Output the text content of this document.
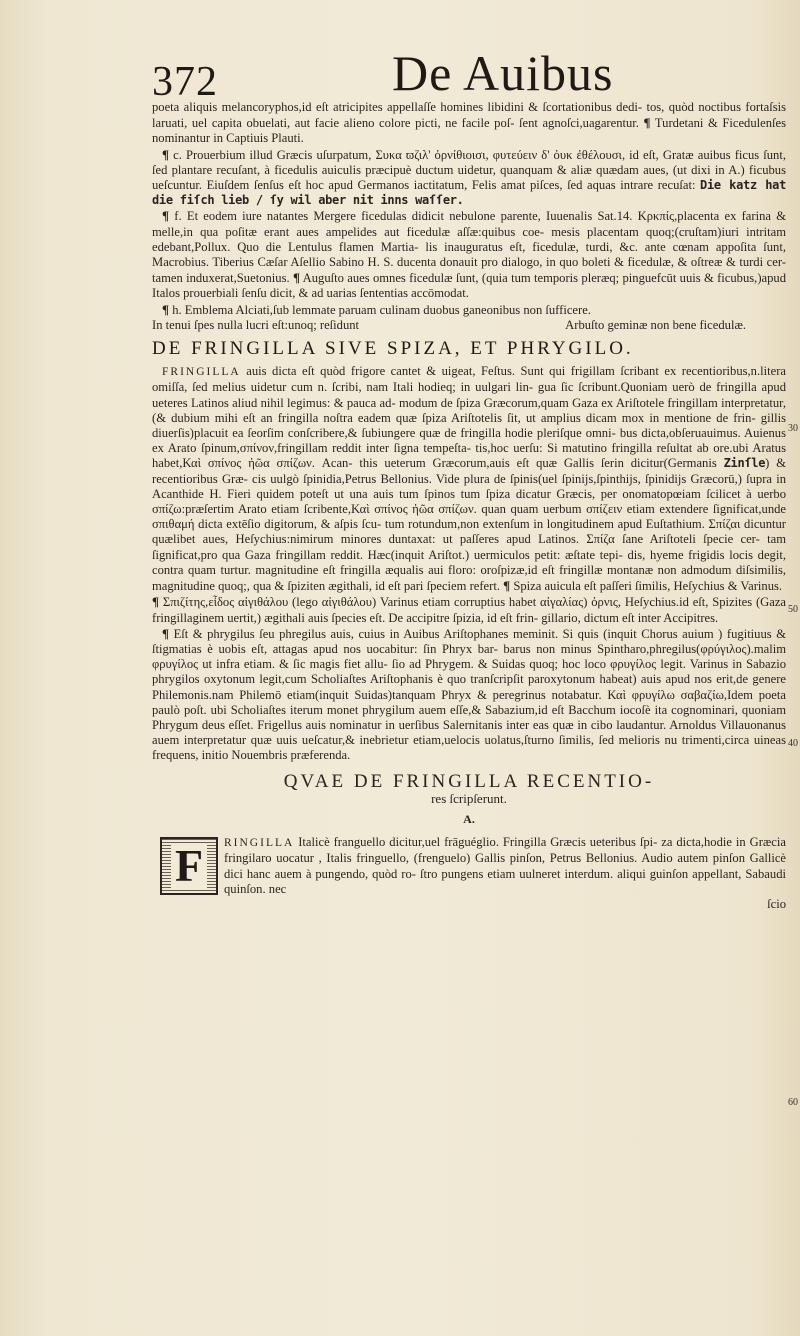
372	De Auibus
30
50
40
60

poeta aliquis melancoryphos,id eſt atricipites appellaſſe homines libidini & ſcortationibus dedi- tos, quòd noctibus fortaſsis laruati, uel capita obuelati, aut facie alieno colore picti, ne facile poſ- ſent agnoſci,uagarentur. ¶ Turdetani & Ficedulenſes nominantur in Captiuis Plauti.

¶ c. Prouerbium illud Græcis uſurpatum, Συκα ϖζιλ' ὀρνίθιοισι, φυτεύειν δ' ὀυκ ἐθέλουσι, id eſt, Gratæ auibus ficus ſunt, ſed plantare recuſant, à ficedulis auiculis præcipuè ductum uidetur, quanquam & aliæ quædam aues, (ut dixi in A.) ficubus ueſcuntur. Eiuſdem ſenſus eſt hoc apud Germanos iactitatum, Felis amat piſces, ſed aquas intrare recuſat: Die katz hat die fiſch lieb / ſy wil aber nit inns waſſer.

¶ f. Et eodem iure natantes Mergere ficedulas didicit nebulone parente, Iuuenalis Sat.14. Κρκπίς,placenta ex farina & melle,in qua poſitæ erant aues ampelides aut ficedulæ aſſæ:quibus coe- mesis placentam quoq;(cruſtam)iuri intritam edebant,Pollux. Quo die Lentulus flamen Martia- lis inauguratus eſt, ficedulæ, turdi, &c. ante cœnam appoſita ſunt, Macrobius. Tiberius Cæſar Aſellio Sabino H. S. ducenta donauit pro dialogo, in quo boleti & ficedulæ, & oſtreæ & turdi cer- tamen induxerat,Suetonius. ¶ Auguſto aues omnes ficedulæ ſunt, (quia tum temporis pleræq; pinguefcūt uuis & ficubus,)apud Italos prouerbiali ſenſu dicit, & ad uarias ſententias accōmodat.

¶ h. Emblema Alciati,ſub lemmate paruam culinam duobus ganeonibus non ſufficere.

In tenui ſpes nulla lucri eſt:unoq; reſidunt	Arbuſto geminæ non bene ficedulæ.

DE FRINGILLA SIVE SPIZA, ET PHRYGILO.

FRINGILLA auis dicta eſt quòd frigore cantet & uigeat, Feſtus. Sunt qui frigillam ſcribant ex recentioribus,n.litera omiſſa, ſed melius uidetur cum n. ſcribi, nam Itali hodieq; in uulgari lin- gua ſic ſcribunt.Quoniam uerò de fringilla apud ueteres Latinos aliud nihil legimus: & pauca ad- modum de ſpiza Græcorum,quam Gaza ex Ariſtotele fringillam interpretatur, (& dubium mihi eſt an fringilla noſtra eadem quæ ſpiza Ariſtotelis ſit, ut amplius dicam mox in mentione de frin- gillis diuerſis)placuit ea ſeorſim conſcribere,& ſubiungere quæ de fringilla hodie pleriſque omni- bus dicta,obſeruauimus. Auienus ex Arato ſpinum,σπίνον,fringillam reddit inter ſigna tempeſta- tis,hoc uerſu: Si matutino fringilla reſultat ab ore.ubi Aratus habet,Καὶ σπίνος ἠῶα σπίζων. Acan- this ueterum Græcorum,auis eſt quæ Gallis ſerin dicitur(Germanis Zinſle) & recentioribus Græ- cis uulgò ſpinidia,Petrus Bellonius. Vide plura de ſpinis(uel ſpinijs,ſpinthijs, ſpinidijs Græcorū,) ſupra in Acanthide H. Fieri quidem poteſt ut una auis tum ſpinos tum ſpiza dicatur Græcis, per onomatopœiam ſcilicet à uerbo σπίζω:præſertim Arato etiam ſcribente,Καὶ σπίνος ἠῶα σπίζων. quan quam uerbum σπίζειν etiam extendere ſignificat,unde σπιθαμή dicta extēſio digitorum, & aſpis ſcu- tum rotundum,non extenſum in longitudinem apud Euſtathium. Σπίζαι dicuntur quælibet aues, Heſychius:nimirum minores duntaxat: ut paſſeres apud Latinos. Σπίζα ſane Ariſtoteli ſpecie cer- tam ſignificat,pro qua Gaza fringillam reddit. Hæc(inquit Ariſtot.) uermiculos petit: æſtate tepi- dis, hyeme frigidis locis degit, contra quam turtur. magnitudine eſt fringilla æqualis aui floro: oroſpizæ,id eſt fringillæ montanæ non admodum diſsimilis, magnitudine quoq;, qua & ſpiziten ægithali, id eſt pari ſpeciem refert. ¶ Spiza auicula eſt paſſeri ſimilis, Heſychius & Varinus.

¶ Σπιζίτης,εἶδος αἰγιθάλου (lego αἰγιθάλου) Varinus etiam corruptius habet αἰγαλίας) ὀρνις, Heſychius.id eſt, Spizites (Gaza fringillaginem uertit,) ægithali auis ſpecies eſt. De accipitre ſpizia, id eſt frin- gillario, dictum eſt inter Accipitres.

¶ Eſt & phrygilus ſeu phregilus auis, cuius in Auibus Ariſtophanes meminit. Si quis (inquit Chorus auium ) fugitiuus & ſtigmatias è uobis eſt, attagas apud nos uocabitur: ſin Phryx bar- barus non minus Spintharo,phregilus(φρύγιλος).malim φρυγίλος ut infra etiam. & ſic magis fiet allu- ſio ad Phrygem. & Suidas quoq; hoc loco φρυγίλος legit. Varinus in Sabazio phrygilos oxytonum legit,cum Scholiaſtes Ariſtophanis è quo tranſcripſit paroxytonum habeat) auis apud nos erit,de genere Philemonis.nam Philemō etiam(inquit Suidas)tanquam Phryx & peregrinus notabatur. Καὶ φρυγίλω σαβαζίω,Idem poeta paulò poſt. ubi Scholiaſtes iterum monet phrygilum auem eſſe,& Sabazium,id eſt Bacchum iocoſè ita cognominari, quoniam Phrygum deus eſſet. Frigellus auis nominatur in uerſibus Salernitanis inter eas quæ in cibo laudantur. Arnoldus Villauonanus auem interpretatur quæ uuis ueſcatur,& inebrietur etiam,uelocis uolatus,ſturno ſimilis, ſed melioris nu trimenti,circa uineas frequens, initio Nouembris præferenda.

QVAE DE FRINGILLA RECENTIO-

res ſcripſerunt.

A.

F	RINGILLA Italicè franguello dicitur,uel frāguéglio. Fringilla Græcis ueteribus ſpi- za dicta,hodie in Græcia fringilaro uocatur , Italis fringuello, (frenguelo) Gallis pinſon, Petrus Bellonius. Audio autem pinſon Gallicè dici hanc auem à pungendo, quòd ro- ſtro pungens etiam uulneret interdum. aliqui guinſon appellant, Sabaudi quinſon. nec

ſcio
